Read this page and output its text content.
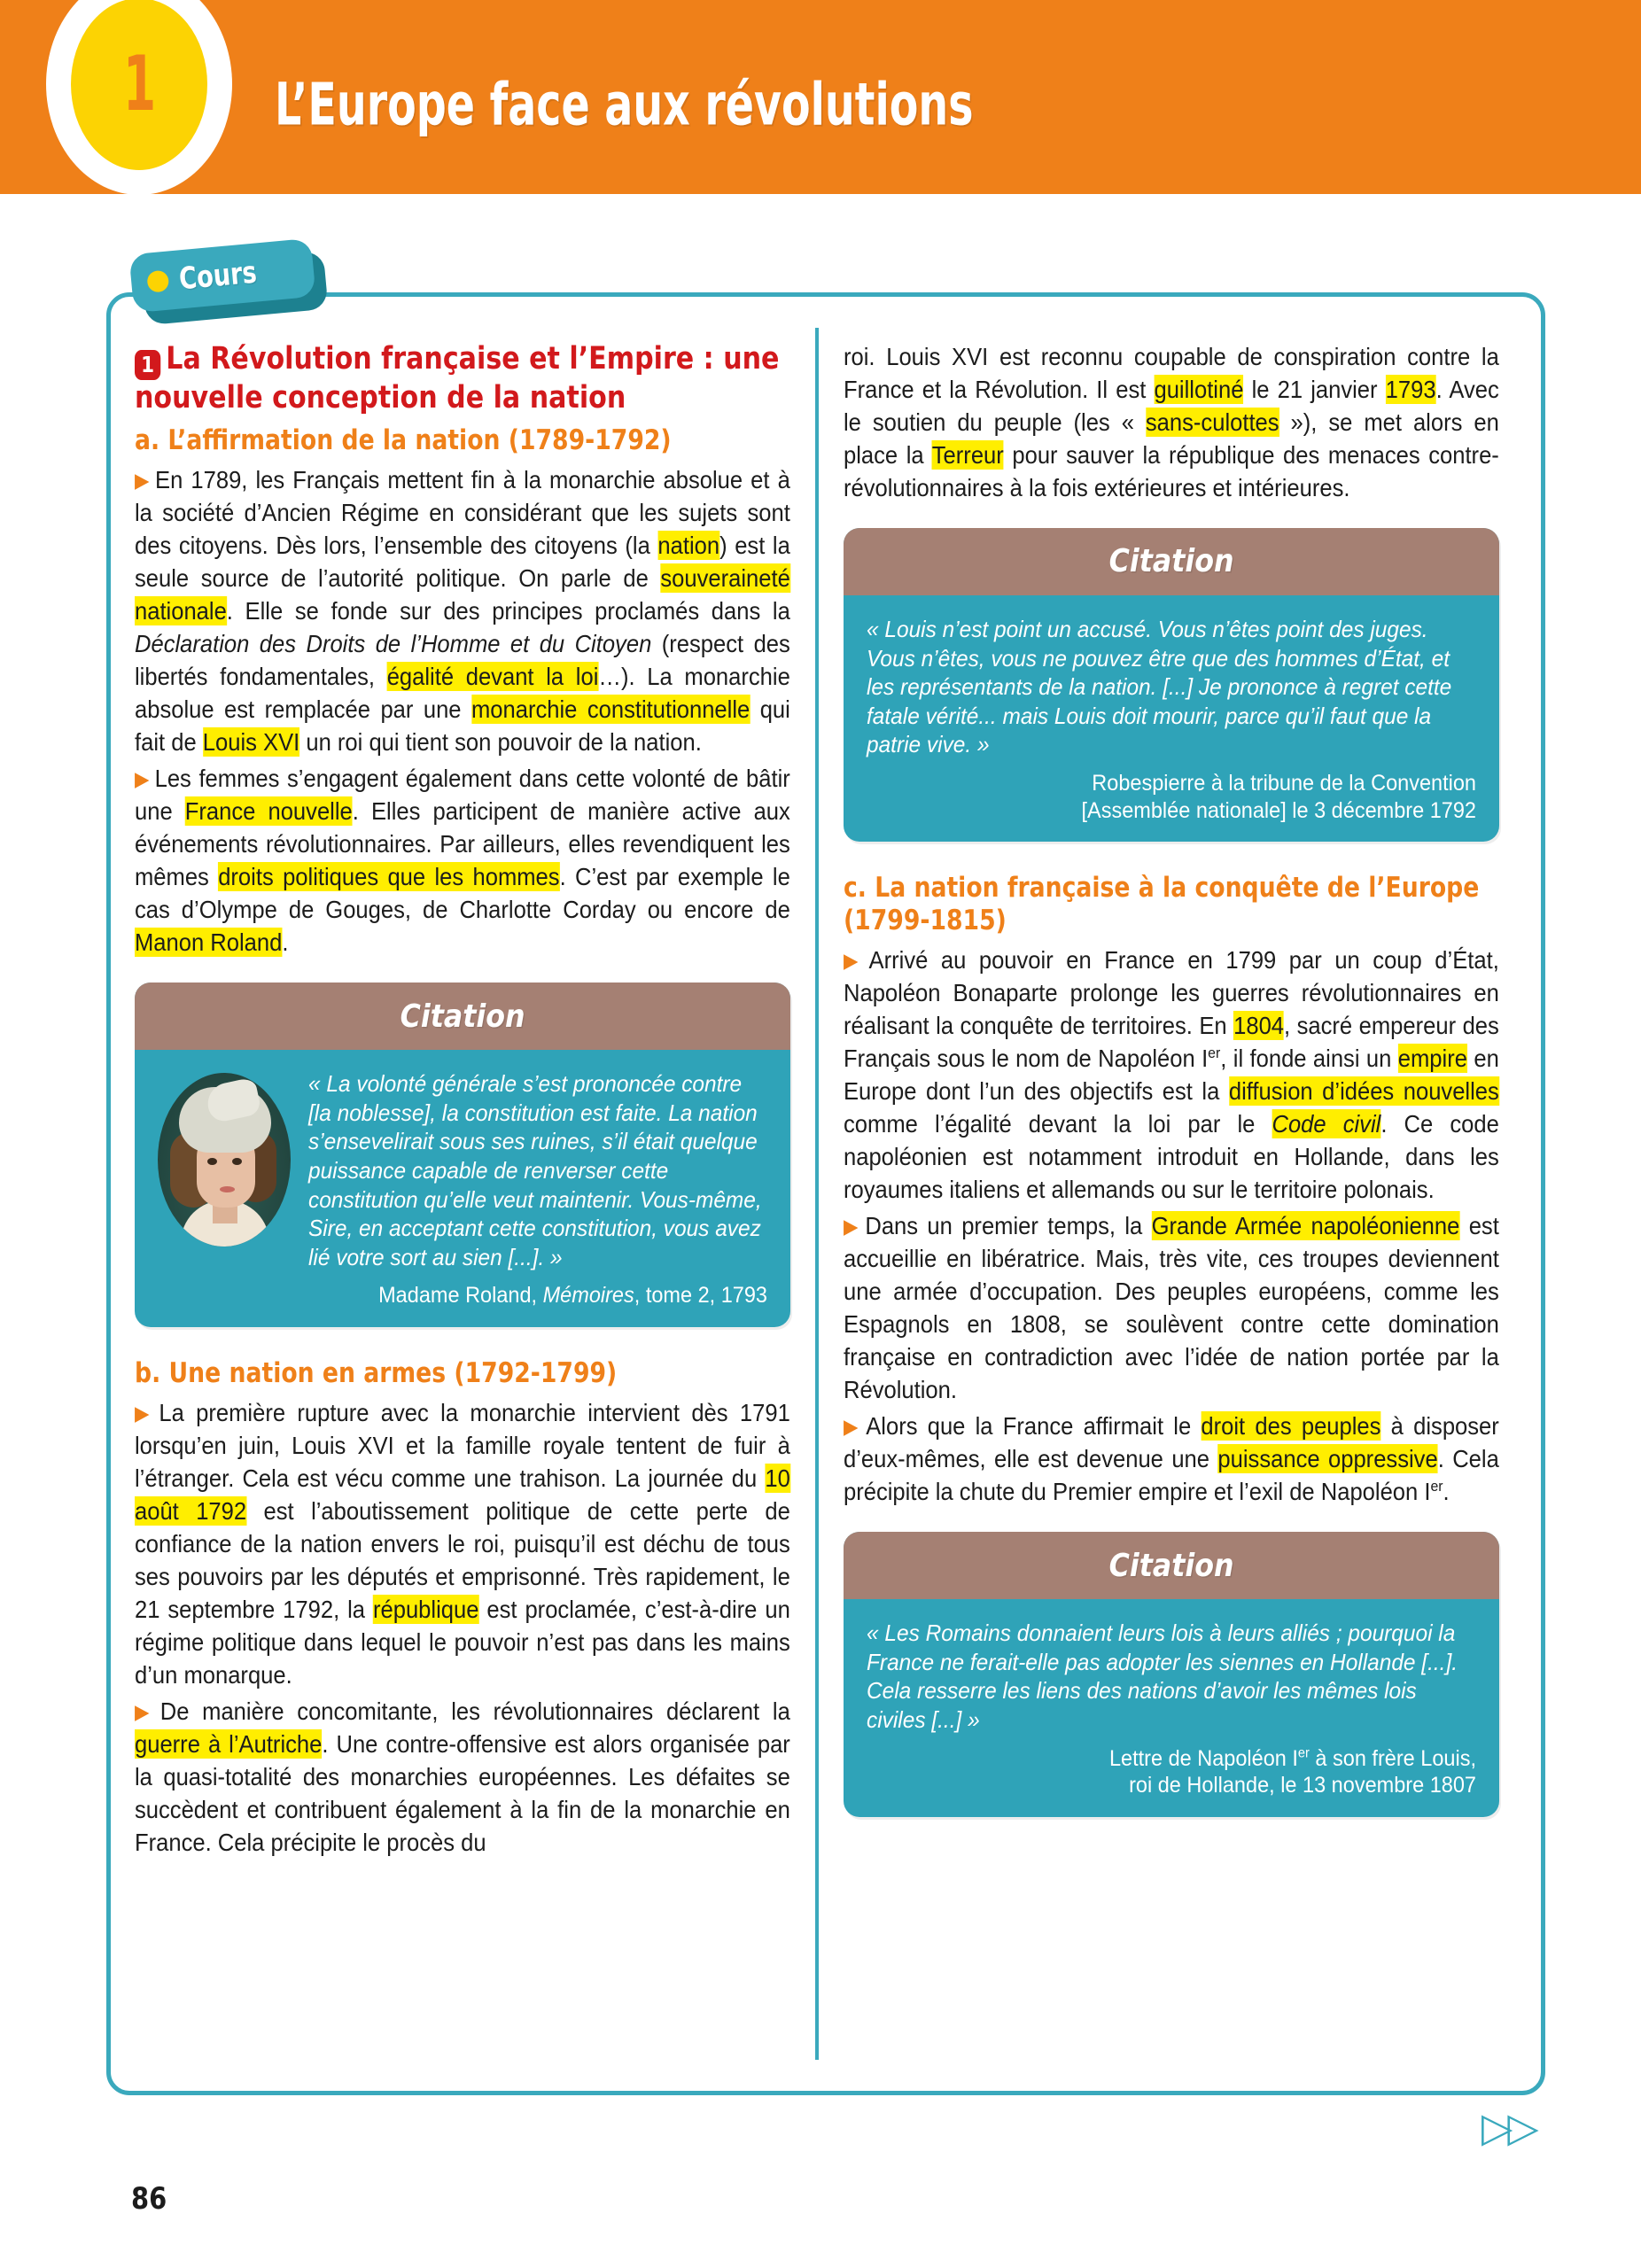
1 L’Europe face aux révolutions
Cours
▷▷
1 La Révolution française et l’Empire : une nouvelle conception de la nation
a. L’affirmation de la nation (1789-1792)

▶ En 1789, les Français mettent fin à la monarchie absolue et à la société d’Ancien Régime en considérant que les sujets sont des citoyens. Dès lors, l’ensemble des citoyens (la nation) est la seule source de l’autorité politique. On parle de souveraineté nationale. Elle se fonde sur des principes proclamés dans la Déclaration des Droits de l’Homme et du Citoyen (respect des libertés fondamentales, égalité devant la loi…). La monarchie absolue est remplacée par une monarchie constitutionnelle qui fait de Louis XVI un roi qui tient son pouvoir de la nation.

▶ Les femmes s’engagent également dans cette volonté de bâtir une France nouvelle. Elles participent de manière active aux événements révolutionnaires. Par ailleurs, elles revendiquent les mêmes droits politiques que les hommes. C’est par exemple le cas d’Olympe de Gouges, de Charlotte Corday ou encore de Manon Roland.

Citation
« La volonté générale s’est prononcée contre [la noblesse], la constitution est faite. La nation s’ensevelirait sous ses ruines, s’il était quelque puissance capable de renverser cette constitution qu’elle veut maintenir. Vous-même, Sire, en acceptant cette constitution, vous avez lié votre sort au sien [...]. »
Madame Roland, Mémoires, tome 2, 1793
b. Une nation en armes (1792-1799)

▶ La première rupture avec la monarchie intervient dès 1791 lorsqu’en juin, Louis XVI et la famille royale tentent de fuir à l’étranger. Cela est vécu comme une trahison. La journée du 10 août 1792 est l’aboutissement politique de cette perte de confiance de la nation envers le roi, puisqu’il est déchu de tous ses pouvoirs par les députés et emprisonné. Très rapidement, le 21 septembre 1792, la république est proclamée, c’est-à-dire un régime politique dans lequel le pouvoir n’est pas dans les mains d’un monarque.

▶ De manière concomitante, les révolutionnaires déclarent la guerre à l’Autriche. Une contre-offensive est alors organisée par la quasi-totalité des monarchies européennes. Les défaites se succèdent et contribuent également à la fin de la monarchie en France. Cela précipite le procès du

roi. Louis XVI est reconnu coupable de conspiration contre la France et la Révolution. Il est guillotiné le 21 janvier 1793. Avec le soutien du peuple (les « sans-culottes »), se met alors en place la Terreur pour sauver la république des menaces contre-révolutionnaires à la fois extérieures et intérieures.

Citation
« Louis n’est point un accusé. Vous n’êtes point des juges. Vous n’êtes, vous ne pouvez être que des hommes d’État, et les représentants de la nation. [...] Je prononce à regret cette fatale vérité... mais Louis doit mourir, parce qu’il faut que la patrie vive. »
Robespierre à la tribune de la Convention
[Assemblée nationale] le 3 décembre 1792
c. La nation française à la conquête de l’Europe (1799-1815)

▶ Arrivé au pouvoir en France en 1799 par un coup d’État, Napoléon Bonaparte prolonge les guerres révolutionnaires en réalisant la conquête de territoires. En 1804, sacré empereur des Français sous le nom de Napoléon Ier, il fonde ainsi un empire en Europe dont l’un des objectifs est la diffusion d’idées nouvelles comme l’égalité devant la loi par le Code civil. Ce code napoléonien est notamment introduit en Hollande, dans les royaumes italiens et allemands ou sur le territoire polonais.

▶ Dans un premier temps, la Grande Armée napoléonienne est accueillie en libératrice. Mais, très vite, ces troupes deviennent une armée d’occupation. Des peuples européens, comme les Espagnols en 1808, se soulèvent contre cette domination française en contradiction avec l’idée de nation portée par la Révolution.

▶ Alors que la France affirmait le droit des peuples à disposer d’eux-mêmes, elle est devenue une puissance oppressive. Cela précipite la chute du Premier empire et l’exil de Napoléon Ier.

Citation
« Les Romains donnaient leurs lois à leurs alliés ; pourquoi la France ne ferait-elle pas adopter les siennes en Hollande [...]. Cela resserre les liens des nations d’avoir les mêmes lois civiles [...] »
Lettre de Napoléon Ier à son frère Louis,
roi de Hollande, le 13 novembre 1807
86
